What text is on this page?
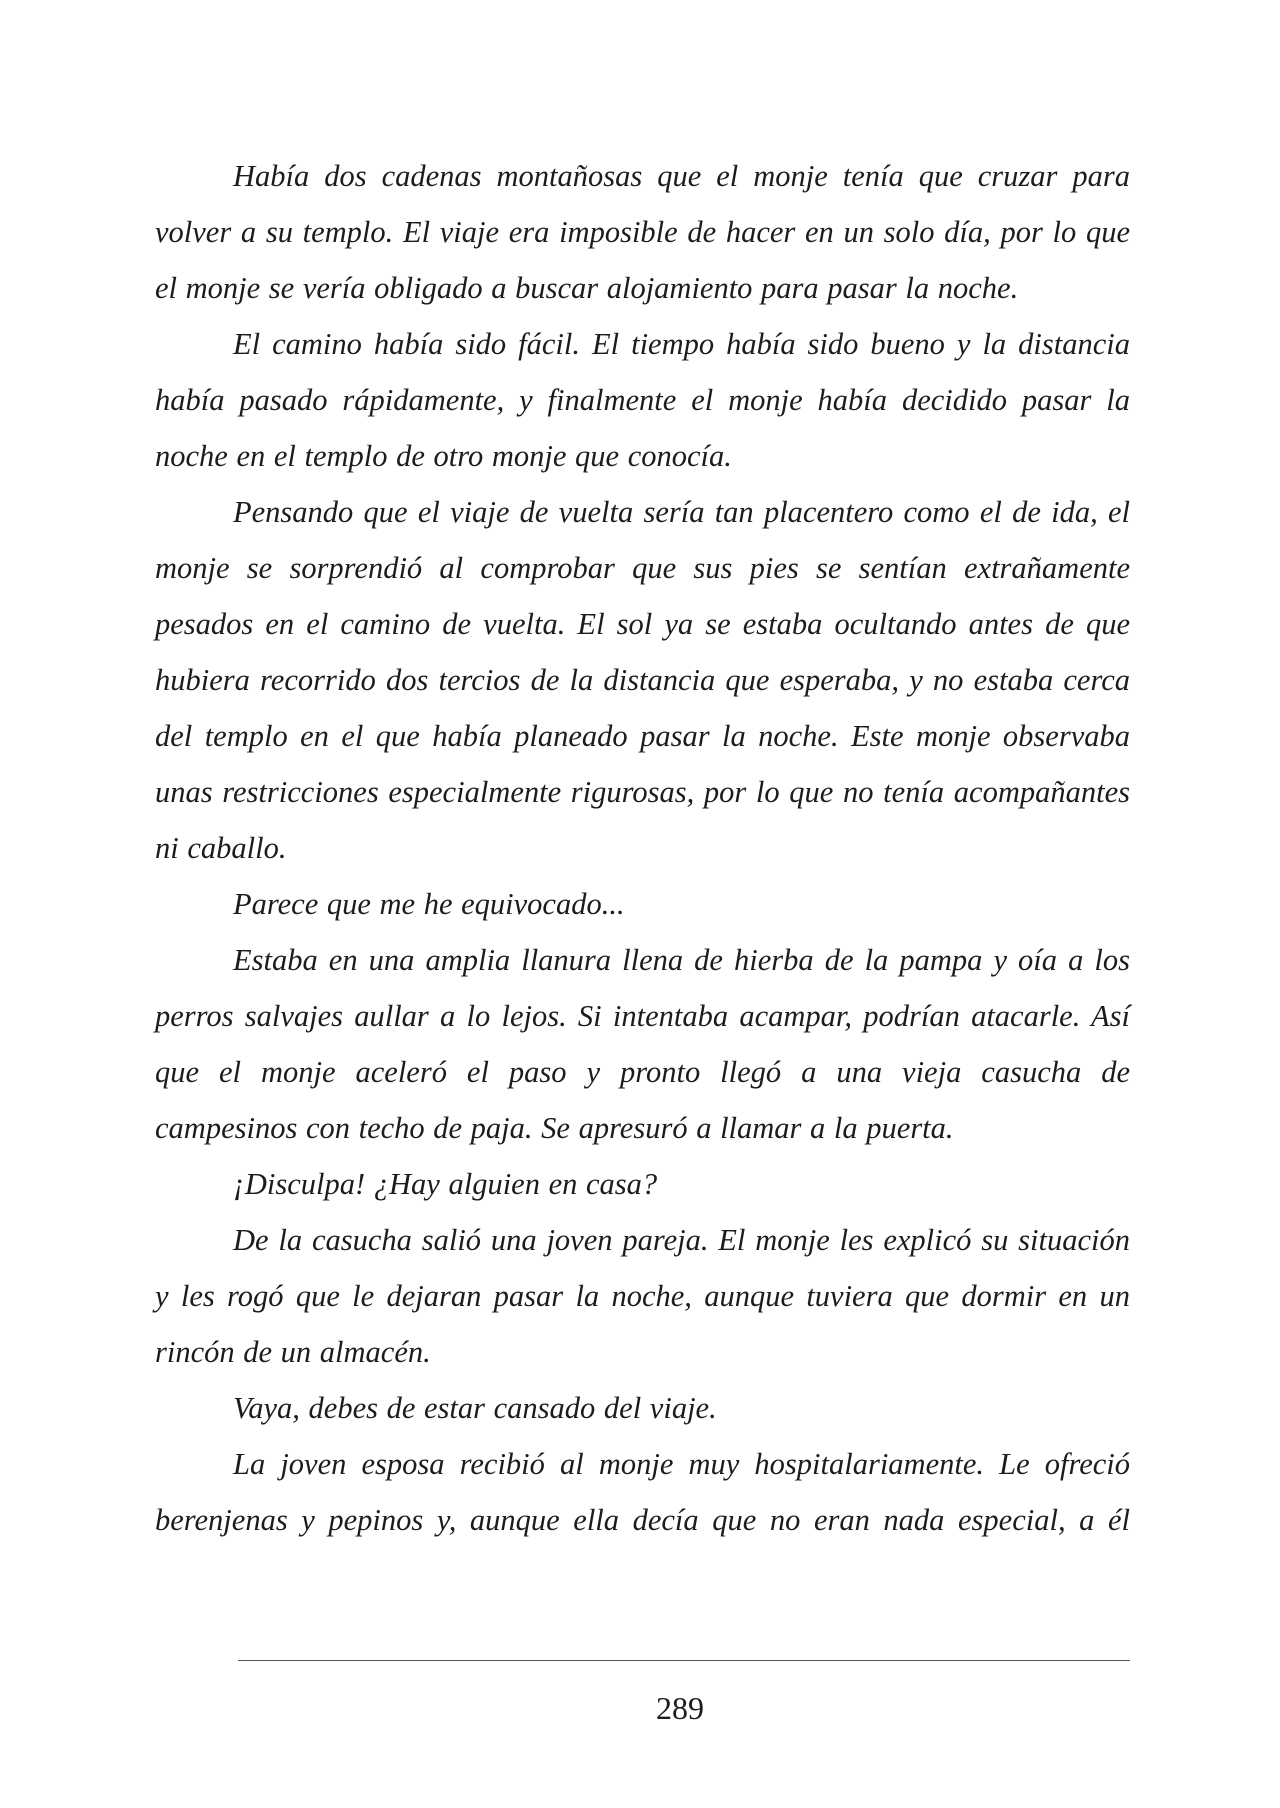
Había dos cadenas montañosas que el monje tenía que cruzar para volver a su templo. El viaje era imposible de hacer en un solo día, por lo que el monje se vería obligado a buscar alojamiento para pasar la noche.

El camino había sido fácil. El tiempo había sido bueno y la distancia había pasado rápidamente, y finalmente el monje había decidido pasar la noche en el templo de otro monje que conocía.

Pensando que el viaje de vuelta sería tan placentero como el de ida, el monje se sorprendió al comprobar que sus pies se sentían extrañamente pesados en el camino de vuelta. El sol ya se estaba ocultando antes de que hubiera recorrido dos tercios de la distancia que esperaba, y no estaba cerca del templo en el que había planeado pasar la noche. Este monje observaba unas restricciones especialmente rigurosas, por lo que no tenía acompañantes ni caballo.

Parece que me he equivocado...

Estaba en una amplia llanura llena de hierba de la pampa y oía a los perros salvajes aullar a lo lejos. Si intentaba acampar, podrían atacarle. Así que el monje aceleró el paso y pronto llegó a una vieja casucha de campesinos con techo de paja. Se apresuró a llamar a la puerta.

¡Disculpa! ¿Hay alguien en casa?

De la casucha salió una joven pareja. El monje les explicó su situación y les rogó que le dejaran pasar la noche, aunque tuviera que dormir en un rincón de un almacén.

Vaya, debes de estar cansado del viaje.

La joven esposa recibió al monje muy hospitalariamente. Le ofreció berenjenas y pepinos y, aunque ella decía que no eran nada especial, a él

289
